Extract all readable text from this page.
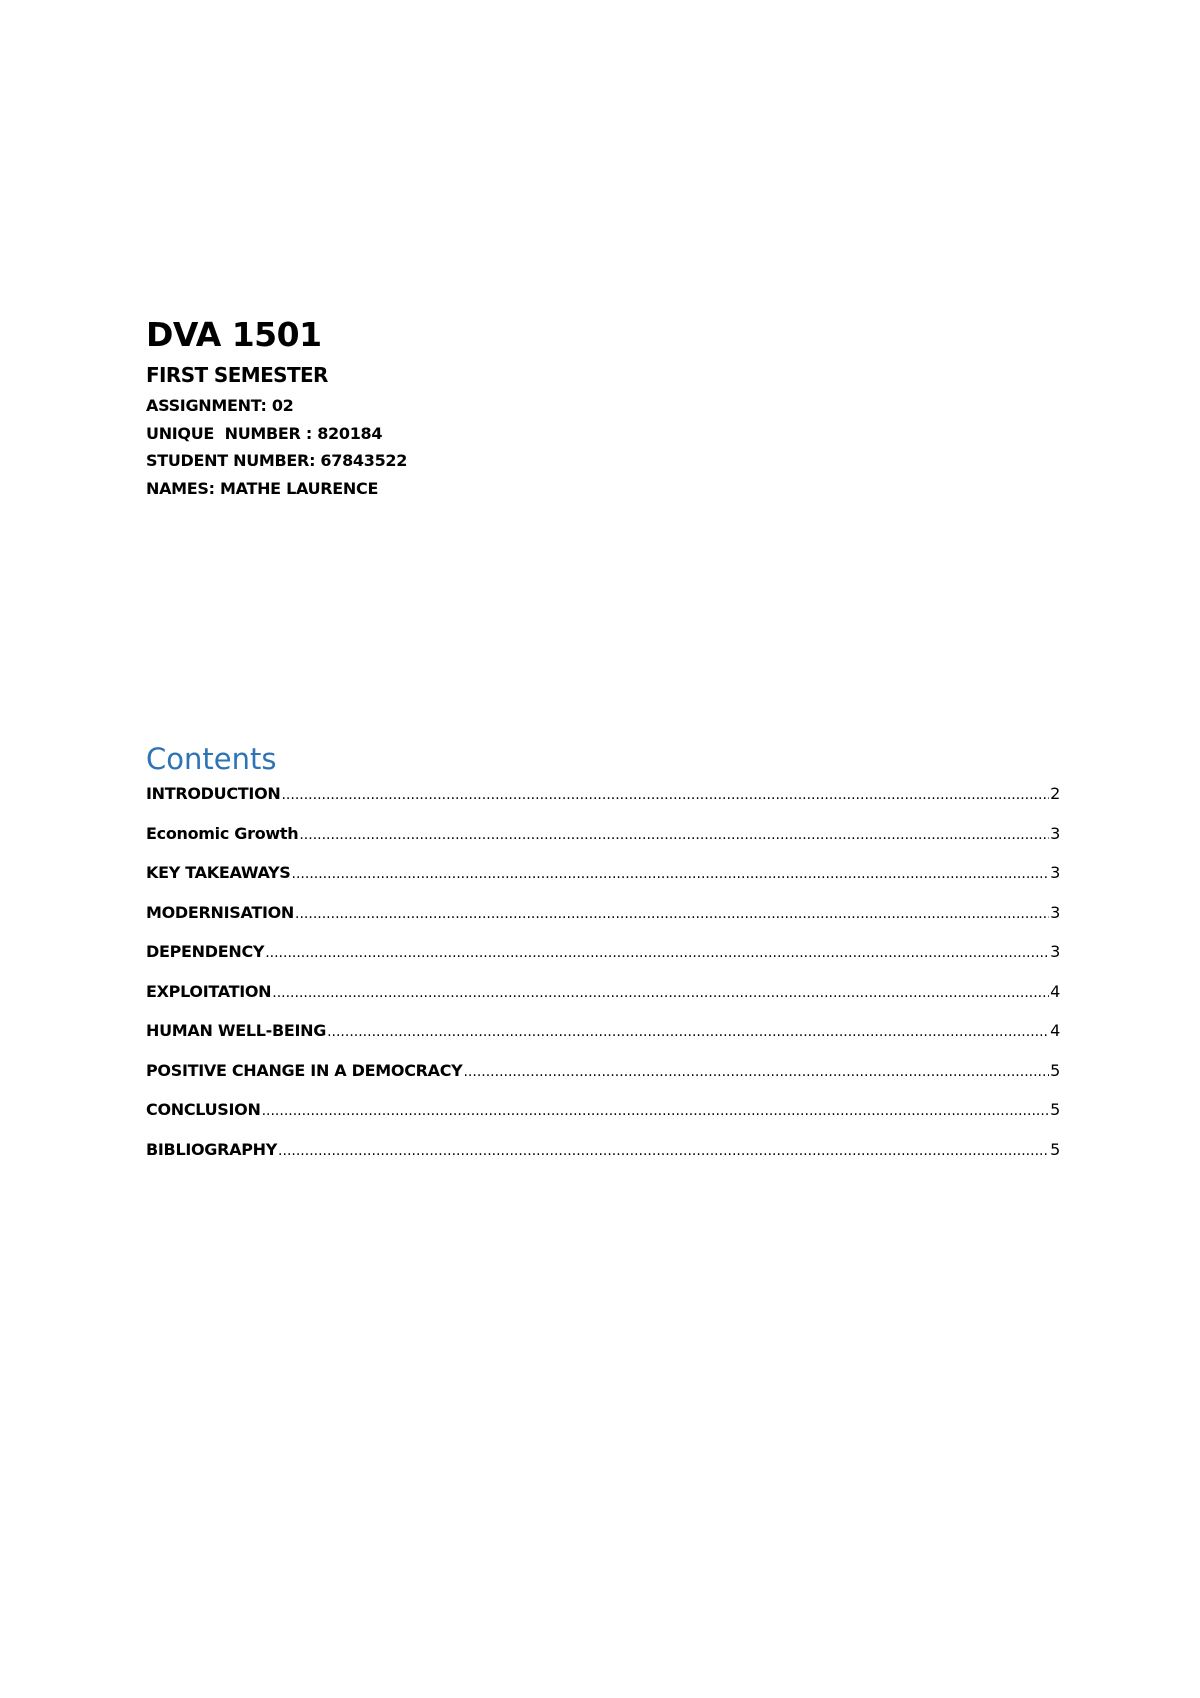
DVA 1501
FIRST SEMESTER
ASSIGNMENT: 02
UNIQUE  NUMBER : 820184
STUDENT NUMBER: 67843522
NAMES: MATHE LAURENCE
Contents
INTRODUCTION .....	2
Economic Growth .....	3
KEY TAKEAWAYS .....	3
MODERNISATION .....	3
DEPENDENCY .....	3
EXPLOITATION .....	4
HUMAN WELL-BEING .....	4
POSITIVE CHANGE IN A DEMOCRACY .....	5
CONCLUSION .....	5
BIBLIOGRAPHY .....	5
